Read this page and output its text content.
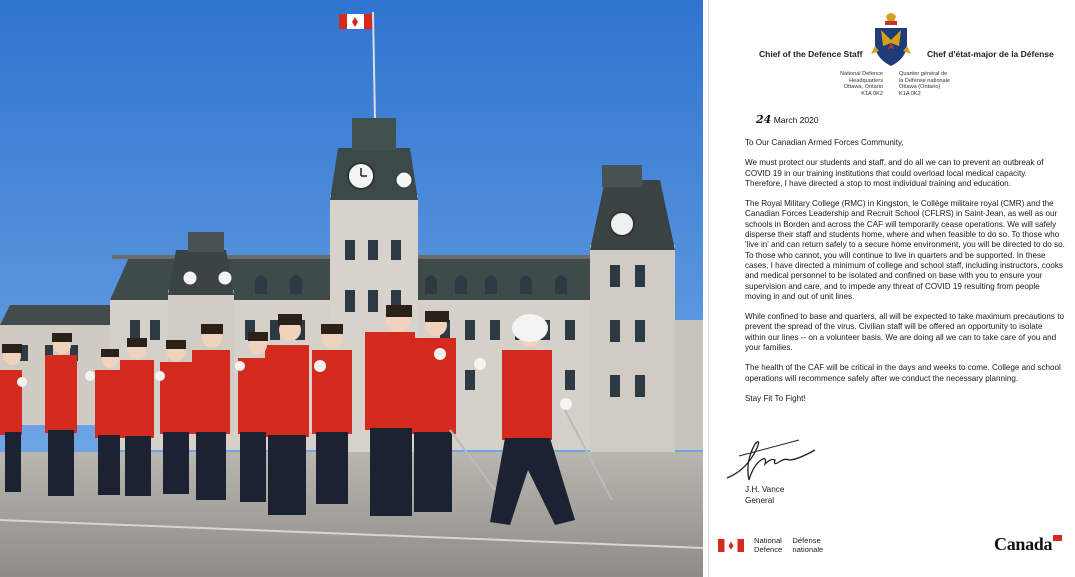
Chief of the Defence Staff	Chef d'état-major de la Défense
National Defence
Headquarters
Ottawa, Ontario
K1A 0K2
Quartier général de
la Défense nationale
Ottawa (Ontario)
K1A 0K2
24 March 2020

To Our Canadian Armed Forces Community,

We must protect our students and staff, and do all we can to prevent an outbreak of COVID 19 in our training institutions that could overload local medical capacity. Therefore, I have directed a stop to most individual training and education.

The Royal Military College (RMC) in Kingston, le Collège militaire royal (CMR) and the Canadian Forces Leadership and Recruit School (CFLRS) in Saint-Jean, as well as our schools in Borden and across the CAF will temporarily cease operations. We will safely disperse their staff and students home, where and when feasible to do so. To those who 'live in' and can return safely to a secure home environment, you will be directed to do so. To those who cannot, you will continue to live in quarters and be supported. In these cases, I have directed a minimum of college and school staff, including instructors, cooks and medical personnel to be isolated and confined on base with you to ensure your supervision and care, and to impede any threat of COVID 19 resulting from people moving in and out of unit lines.

While confined to base and quarters, all will be expected to take maximum precautions to prevent the spread of the virus. Civilian staff will be offered an opportunity to isolate within our lines -- on a volunteer basis. We are doing all we can to take care of you and your families.

The health of the CAF will be critical in the days and weeks to come. College and school operations will recommence safely after we conduct the necessary planning.

Stay Fit To Fight!

J.H. Vance
General
National
Defence

Défense
nationale	Canada
